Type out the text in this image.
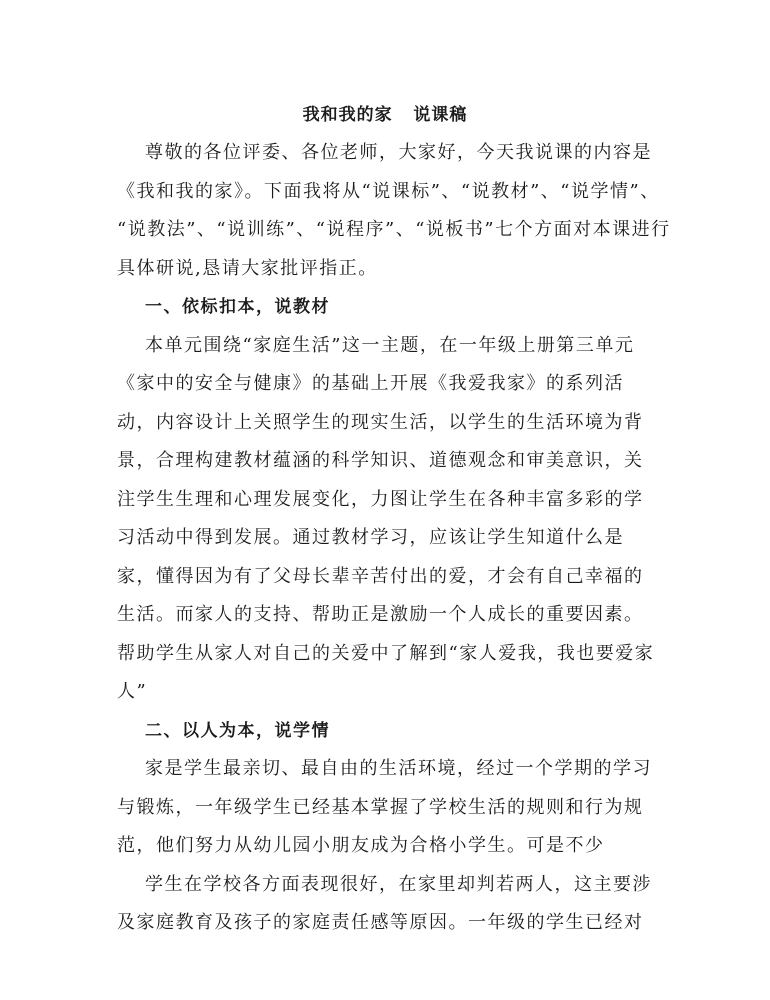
我和我的家   说课稿
尊敬的各位评委、各位老师，大家好，今天我说课的内容是
《我和我的家》。下面我将从“说课标”、“说教材”、“说学情”、
“说教法”、“说训练”、“说程序”、“说板书”七个方面对本课进行
具体研说,恳请大家批评指正。
一、依标扣本，说教材
本单元围绕“家庭生活”这一主题，在一年级上册第三单元
《家中的安全与健康》的基础上开展《我爱我家》的系列活
动，内容设计上关照学生的现实生活，以学生的生活环境为背
景，合理构建教材蕴涵的科学知识、道德观念和审美意识，关
注学生生理和心理发展变化，力图让学生在各种丰富多彩的学
习活动中得到发展。通过教材学习，应该让学生知道什么是
家，懂得因为有了父母长辈辛苦付出的爱，才会有自己幸福的
生活。而家人的支持、帮助正是激励一个人成长的重要因素。
帮助学生从家人对自己的关爱中了解到“家人爱我，我也要爱家
人”
二、以人为本，说学情
家是学生最亲切、最自由的生活环境，经过一个学期的学习
与锻炼，一年级学生已经基本掌握了学校生活的规则和行为规
范，他们努力从幼儿园小朋友成为合格小学生。可是不少
学生在学校各方面表现很好，在家里却判若两人，这主要涉
及家庭教育及孩子的家庭责任感等原因。一年级的学生已经对
